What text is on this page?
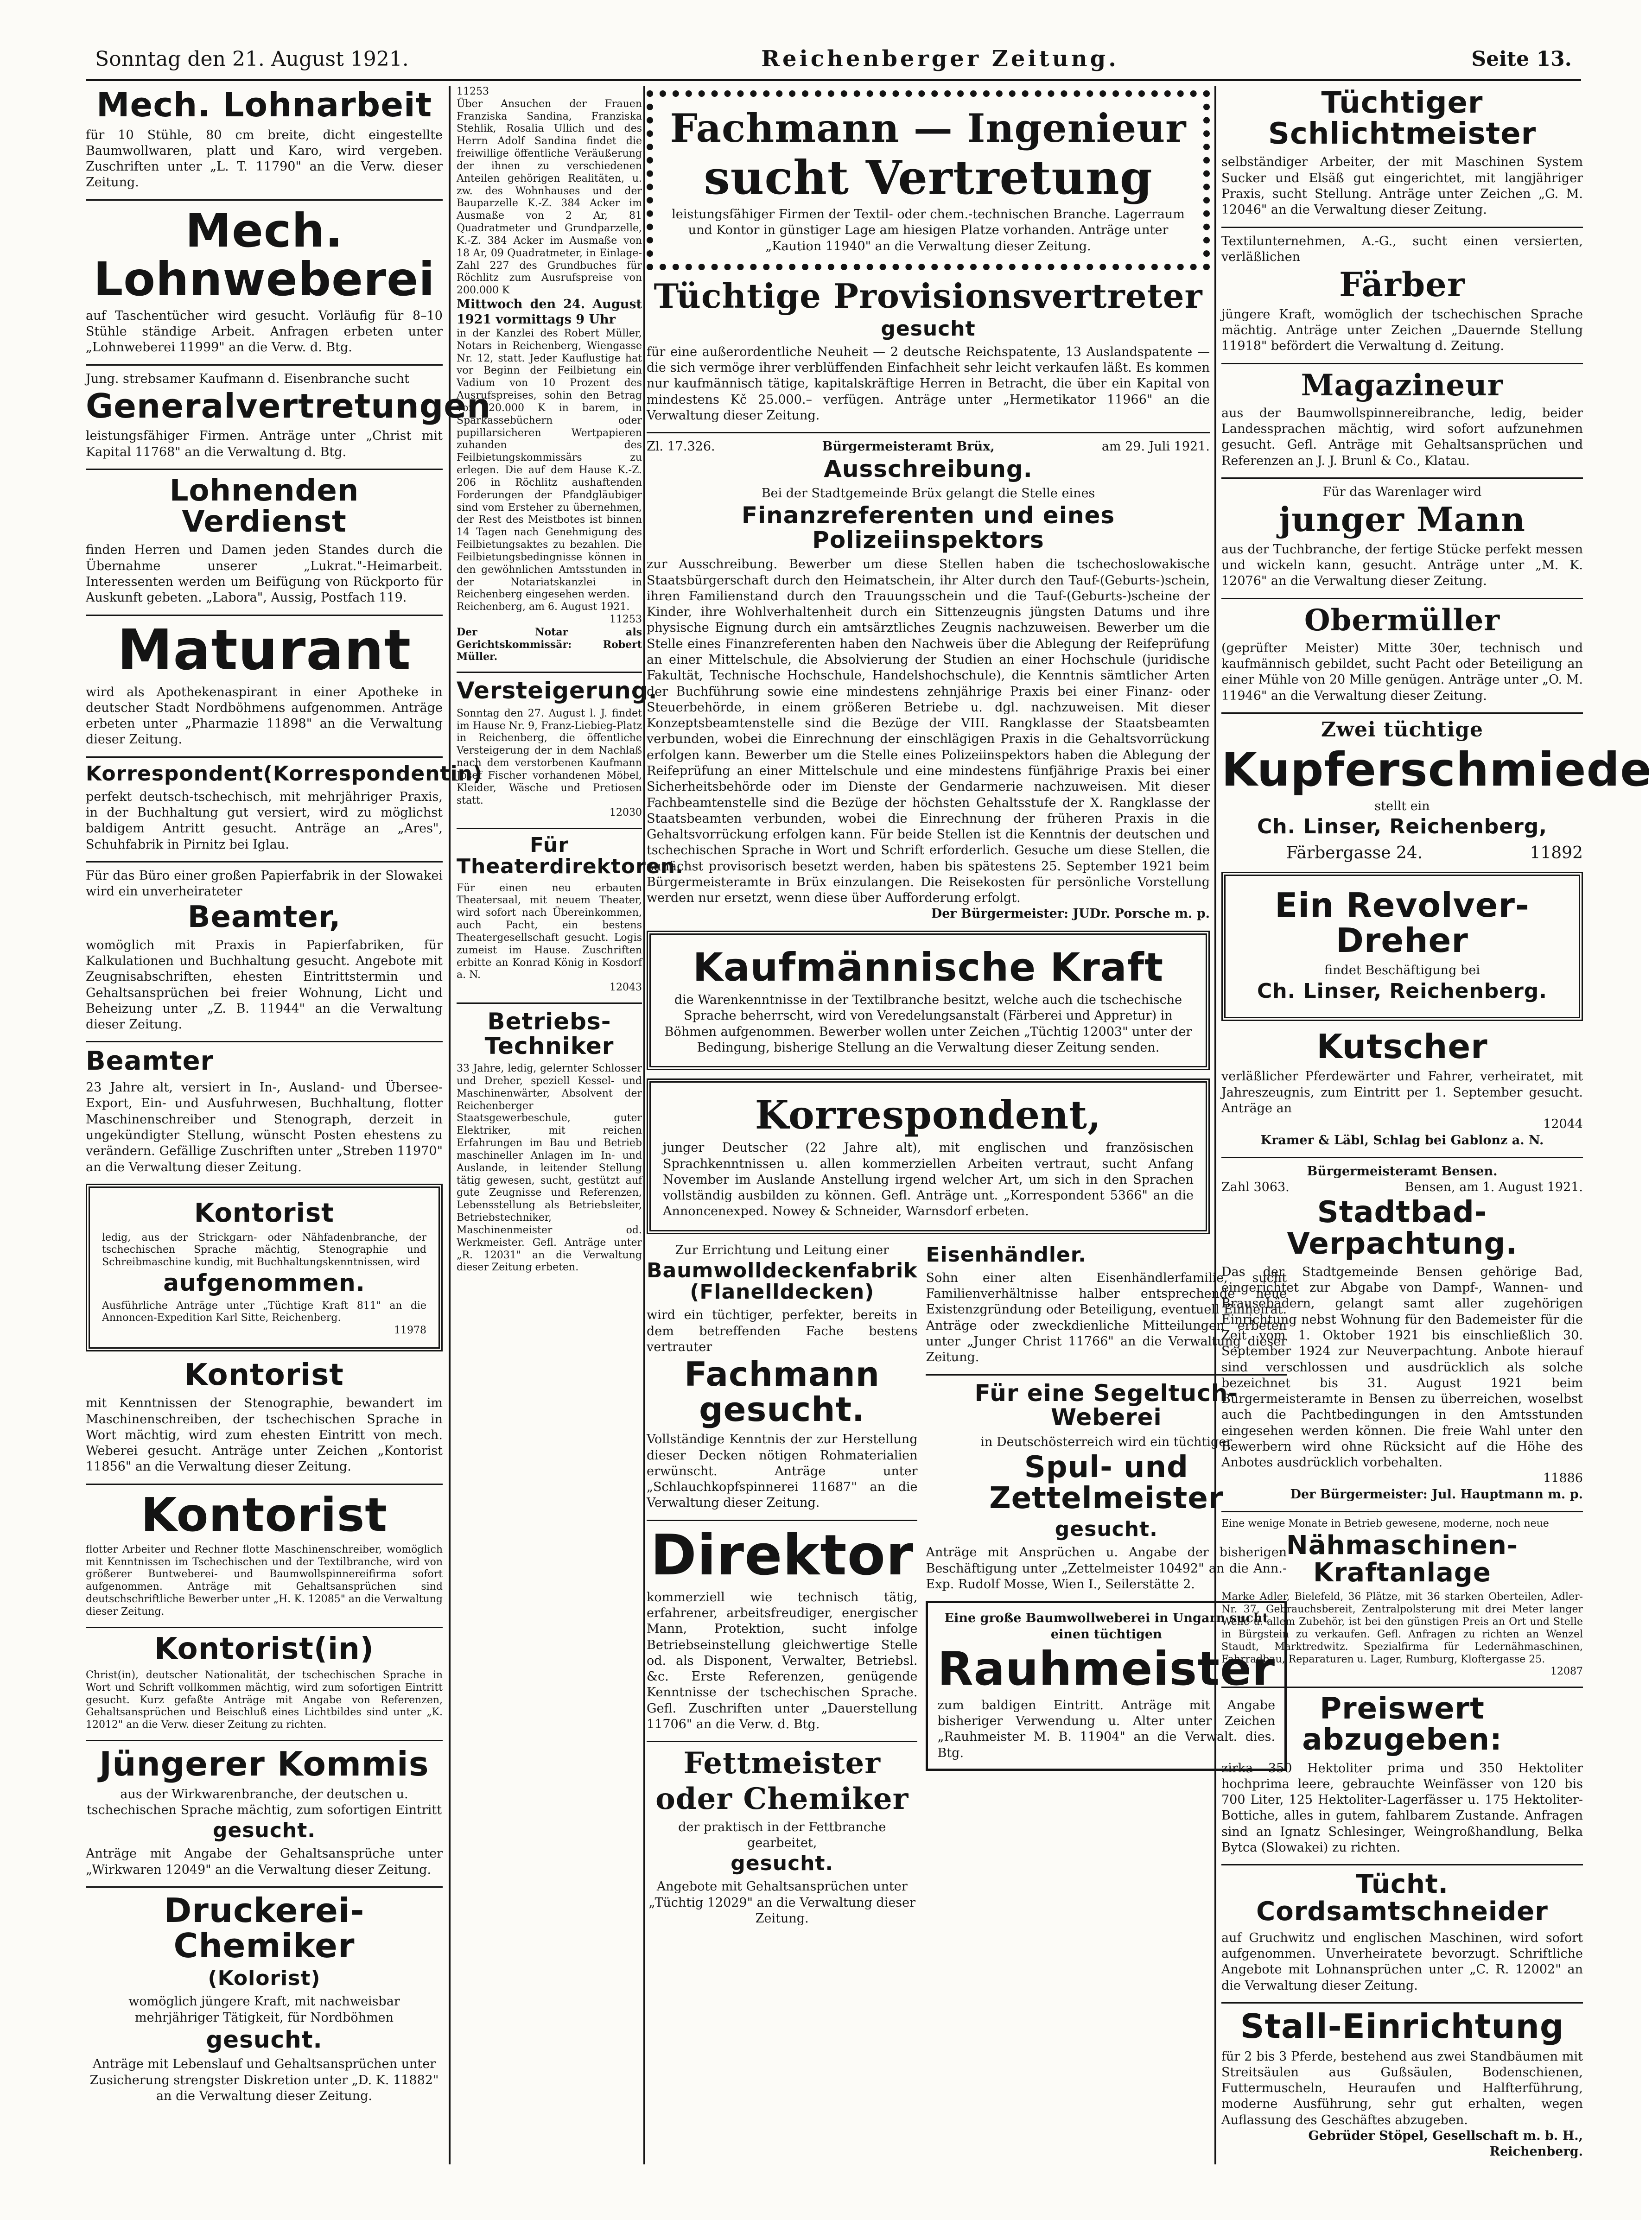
Sonntag den 21. August 1921.	Reichenberger Zeitung.	Seite 13.
Mech. Lohnarbeit
für 10 Stühle, 80 cm breite, dicht eingestellte Baumwollwaren, platt und Karo, wird vergeben. Zuschriften unter „L. T. 11790" an die Verw. dieser Zeitung.
Mech. Lohnweberei
auf Taschentücher wird gesucht. Vorläufig für 8–10 Stühle ständige Arbeit. Anfragen erbeten unter „Lohnweberei 11999" an die Verw. d. Btg.
Jung. strebsamer Kaufmann d. Eisenbranche sucht
Generalvertretungen
leistungsfähiger Firmen. Anträge unter „Christ mit Kapital 11768" an die Verwaltung d. Btg.
Lohnenden Verdienst
finden Herren und Damen jeden Standes durch die Übernahme unserer „Lukrat."-Heimarbeit. Interessenten werden um Beifügung von Rückporto für Auskunft gebeten. „Labora", Aussig, Postfach 119.
Maturant
wird als Apothekenaspirant in einer Apotheke in deutscher Stadt Nordböhmens aufgenommen. Anträge erbeten unter „Pharmazie 11898" an die Verwaltung dieser Zeitung.
Korrespondent(Korrespondentin)
perfekt deutsch-tschechisch, mit mehrjähriger Praxis, in der Buchhaltung gut versiert, wird zu möglichst baldigem Antritt gesucht. Anträge an „Ares", Schuhfabrik in Pirnitz bei Iglau.
Für das Büro einer großen Papierfabrik in der Slowakei wird ein unverheirateter
Beamter,
womöglich mit Praxis in Papierfabriken, für Kalkulationen und Buchhaltung gesucht. Angebote mit Zeugnisabschriften, ehesten Eintrittstermin und Gehaltsansprüchen bei freier Wohnung, Licht und Beheizung unter „Z. B. 11944" an die Verwaltung dieser Zeitung.
Beamter
23 Jahre alt, versiert in In-, Ausland- und Übersee-Export, Ein- und Ausfuhrwesen, Buchhaltung, flotter Maschinenschreiber und Stenograph, derzeit in ungekündigter Stellung, wünscht Posten ehestens zu verändern. Gefällige Zuschriften unter „Streben 11970" an die Verwaltung dieser Zeitung.
Kontorist
ledig, aus der Strickgarn- oder Nähfadenbranche, der tschechischen Sprache mächtig, Stenographie und Schreibmaschine kundig, mit Buchhaltungskenntnissen, wird
aufgenommen.
Ausführliche Anträge unter „Tüchtige Kraft 811" an die Annoncen-Expedition Karl Sitte, Reichenberg.
11978
Kontorist
mit Kenntnissen der Stenographie, bewandert im Maschinenschreiben, der tschechischen Sprache in Wort mächtig, wird zum ehesten Eintritt von mech. Weberei gesucht. Anträge unter Zeichen „Kontorist 11856" an die Verwaltung dieser Zeitung.
Kontorist
flotter Arbeiter und Rechner flotte Maschinenschreiber, womöglich mit Kenntnissen im Tschechischen und der Textilbranche, wird von größerer Buntweberei- und Baumwollspinnereifirma sofort aufgenommen. Anträge mit Gehaltsansprüchen sind deutschschriftliche Bewerber unter „H. K. 12085" an die Verwaltung dieser Zeitung.
Kontorist(in)
Christ(in), deutscher Nationalität, der tschechischen Sprache in Wort und Schrift vollkommen mächtig, wird zum sofortigen Eintritt gesucht. Kurz gefaßte Anträge mit Angabe von Referenzen, Gehaltsansprüchen und Beischluß eines Lichtbildes sind unter „K. 12012" an die Verw. dieser Zeitung zu richten.
Jüngerer Kommis
aus der Wirkwarenbranche, der deutschen u. tschechischen Sprache mächtig, zum sofortigen Eintritt
gesucht.
Anträge mit Angabe der Gehaltsansprüche unter „Wirkwaren 12049" an die Verwaltung dieser Zeitung.
Druckerei-Chemiker
(Kolorist)
womöglich jüngere Kraft, mit nachweisbar mehrjähriger Tätigkeit, für Nordböhmen
gesucht.
Anträge mit Lebenslauf und Gehaltsansprüchen unter Zusicherung strengster Diskretion unter „D. K. 11882" an die Verwaltung dieser Zeitung.
11253
Über Ansuchen der Frauen Franziska Sandina, Franziska Stehlik, Rosalia Ullich und des Herrn Adolf Sandina findet die freiwillige öffentliche Veräußerung der ihnen zu verschiedenen Anteilen gehörigen Realitäten, u. zw. des Wohnhauses und der Bauparzelle K.-Z. 384 Acker im Ausmaße von 2 Ar, 81 Quadratmeter und Grundparzelle, K.-Z. 384 Acker im Ausmaße von 18 Ar, 09 Quadratmeter, in Einlage-Zahl 227 des Grundbuches für Röchlitz zum Ausrufspreise von 200.000 K
Mittwoch den 24. August 1921 vormittags 9 Uhr
in der Kanzlei des Robert Müller, Notars in Reichenberg, Wiengasse Nr. 12, statt. Jeder Kauflustige hat vor Beginn der Feilbietung ein Vadium von 10 Prozent des Ausrufspreises, sohin den Betrag von 20.000 K in barem, in Sparkassebüchern oder pupillarsicheren Wertpapieren zuhanden des Feilbietungskommissärs zu erlegen. Die auf dem Hause K.-Z. 206 in Röchlitz aushaftenden Forderungen der Pfandgläubiger sind vom Ersteher zu übernehmen, der Rest des Meistbotes ist binnen 14 Tagen nach Genehmigung des Feilbietungsaktes zu bezahlen. Die Feilbietungsbedingnisse können in den gewöhnlichen Amtsstunden in der Notariatskanzlei in Reichenberg eingesehen werden.
Reichenberg, am 6. August 1921.
11253
Der Notar als Gerichtskommissär: Robert Müller.
Versteigerung.
Sonntag den 27. August l. J. findet im Hause Nr. 9, Franz-Liebieg-Platz in Reichenberg, die öffentliche Versteigerung der in dem Nachlaß nach dem verstorbenen Kaufmann Josef Fischer vorhandenen Möbel, Kleider, Wäsche und Pretiosen statt.
12030
Für Theaterdirektoren.
Für einen neu erbauten Theatersaal, mit neuem Theater, wird sofort nach Übereinkommen, auch Pacht, ein bestens Theatergesellschaft gesucht. Logis zumeist im Hause. Zuschriften erbitte an Konrad König in Kosdorf a. N.
12043
Betriebs-Techniker
33 Jahre, ledig, gelernter Schlosser und Dreher, speziell Kessel- und Maschinenwärter, Absolvent der Reichenberger Staatsgewerbeschule, guter Elektriker, mit reichen Erfahrungen im Bau und Betrieb maschineller Anlagen im In- und Auslande, in leitender Stellung tätig gewesen, sucht, gestützt auf gute Zeugnisse und Referenzen, Lebensstellung als Betriebsleiter, Betriebstechniker, Maschinenmeister od. Werkmeister. Gefl. Anträge unter „R. 12031" an die Verwaltung dieser Zeitung erbeten.
Fachmann — Ingenieur
sucht Vertretung
leistungsfähiger Firmen der Textil- oder chem.-technischen Branche. Lagerraum und Kontor in günstiger Lage am hiesigen Platze vorhanden. Anträge unter „Kaution 11940" an die Verwaltung dieser Zeitung.
Tüchtige Provisionsvertreter
gesucht
für eine außerordentliche Neuheit — 2 deutsche Reichspatente, 13 Auslandspatente — die sich vermöge ihrer verblüffenden Einfachheit sehr leicht verkaufen läßt. Es kommen nur kaufmännisch tätige, kapitalskräftige Herren in Betracht, die über ein Kapital von mindestens Kč 25.000.– verfügen. Anträge unter „Hermetikator 11966" an die Verwaltung dieser Zeitung.
Zl. 17.326.	Bürgermeisteramt Brüx,	am 29. Juli 1921.
Ausschreibung.
Bei der Stadtgemeinde Brüx gelangt die Stelle eines
Finanzreferenten und eines Polizeiinspektors
zur Ausschreibung. Bewerber um diese Stellen haben die tschechoslowakische Staatsbürgerschaft durch den Heimatschein, ihr Alter durch den Tauf-(Geburts-)schein, ihren Familienstand durch den Trauungsschein und die Tauf-(Geburts-)scheine der Kinder, ihre Wohlverhaltenheit durch ein Sittenzeugnis jüngsten Datums und ihre physische Eignung durch ein amtsärztliches Zeugnis nachzuweisen. Bewerber um die Stelle eines Finanzreferenten haben den Nachweis über die Ablegung der Reifeprüfung an einer Mittelschule, die Absolvierung der Studien an einer Hochschule (juridische Fakultät, Technische Hochschule, Handelshochschule), die Kenntnis sämtlicher Arten der Buchführung sowie eine mindestens zehnjährige Praxis bei einer Finanz- oder Steuerbehörde, in einem größeren Betriebe u. dgl. nachzuweisen. Mit dieser Konzeptsbeamtenstelle sind die Bezüge der VIII. Rangklasse der Staatsbeamten verbunden, wobei die Einrechnung der einschlägigen Praxis in die Gehaltsvorrückung erfolgen kann. Bewerber um die Stelle eines Polizeiinspektors haben die Ablegung der Reifeprüfung an einer Mittelschule und eine mindestens fünfjährige Praxis bei einer Sicherheitsbehörde oder im Dienste der Gendarmerie nachzuweisen. Mit dieser Fachbeamtenstelle sind die Bezüge der höchsten Gehaltsstufe der X. Rangklasse der Staatsbeamten verbunden, wobei die Einrechnung der früheren Praxis in die Gehaltsvorrückung erfolgen kann. Für beide Stellen ist die Kenntnis der deutschen und tschechischen Sprache in Wort und Schrift erforderlich. Gesuche um diese Stellen, die zunächst provisorisch besetzt werden, haben bis spätestens 25. September 1921 beim Bürgermeisteramte in Brüx einzulangen. Die Reisekosten für persönliche Vorstellung werden nur ersetzt, wenn diese über Aufforderung erfolgt.
Der Bürgermeister: JUDr. Porsche m. p.
Kaufmännische Kraft
die Warenkenntnisse in der Textilbranche besitzt, welche auch die tschechische Sprache beherrscht, wird von Veredelungsanstalt (Färberei und Appretur) in Böhmen aufgenommen. Bewerber wollen unter Zeichen „Tüchtig 12003" unter der Bedingung, bisherige Stellung an die Verwaltung dieser Zeitung senden.
Korrespondent,
junger Deutscher (22 Jahre alt), mit englischen und französischen Sprachkenntnissen u. allen kommerziellen Arbeiten vertraut, sucht Anfang November im Auslande Anstellung irgend welcher Art, um sich in den Sprachen vollständig ausbilden zu können. Gefl. Anträge unt. „Korrespondent 5366" an die Annoncenexped. Nowey & Schneider, Warnsdorf erbeten.
Zur Errichtung und Leitung einer
Baumwolldeckenfabrik (Flanelldecken)
wird ein tüchtiger, perfekter, bereits in dem betreffenden Fache bestens vertrauter
Fachmann gesucht.
Vollständige Kenntnis der zur Herstellung dieser Decken nötigen Rohmaterialien erwünscht. Anträge unter „Schlauchkopfspinnerei 11687" an die Verwaltung dieser Zeitung.
Direktor
kommerziell wie technisch tätig, erfahrener, arbeitsfreudiger, energischer Mann, Protektion, sucht infolge Betriebseinstellung gleichwertige Stelle od. als Disponent, Verwalter, Betriebsl. &c. Erste Referenzen, genügende Kenntnisse der tschechischen Sprache. Gefl. Zuschriften unter „Dauerstellung 11706" an die Verw. d. Btg.
Fettmeister
oder Chemiker
der praktisch in der Fettbranche gearbeitet,
gesucht.
Angebote mit Gehaltsansprüchen unter „Tüchtig 12029" an die Verwaltung dieser Zeitung.
Eisenhändler.
Sohn einer alten Eisenhändlerfamilie, sucht Familienverhältnisse halber entsprechende neue Existenzgründung oder Beteiligung, eventuell Einheirat. Anträge oder zweckdienliche Mitteilungen erbeten unter „Junger Christ 11766" an die Verwaltung dieser Zeitung.
Für eine Segeltuch-Weberei
in Deutschösterreich wird ein tüchtiger
Spul- und Zettelmeister
gesucht.
Anträge mit Ansprüchen u. Angabe der bisherigen Beschäftigung unter „Zettelmeister 10492" an die Ann.-Exp. Rudolf Mosse, Wien I., Seilerstätte 2.
Eine große Baumwollweberei in Ungarn sucht einen tüchtigen
Rauhmeister
zum baldigen Eintritt. Anträge mit Angabe bisheriger Verwendung u. Alter unter Zeichen „Rauhmeister M. B. 11904" an die Verwalt. dies. Btg.
Tüchtiger Schlichtmeister
selbständiger Arbeiter, der mit Maschinen System Sucker und Elsäß gut eingerichtet, mit langjähriger Praxis, sucht Stellung. Anträge unter Zeichen „G. M. 12046" an die Verwaltung dieser Zeitung.
Textilunternehmen, A.-G., sucht einen versierten, verläßlichen
Färber
jüngere Kraft, womöglich der tschechischen Sprache mächtig. Anträge unter Zeichen „Dauernde Stellung 11918" befördert die Verwaltung d. Zeitung.
Magazineur
aus der Baumwollspinnereibranche, ledig, beider Landessprachen mächtig, wird sofort aufzunehmen gesucht. Gefl. Anträge mit Gehaltsansprüchen und Referenzen an J. J. Brunl & Co., Klatau.
Für das Warenlager wird
junger Mann
aus der Tuchbranche, der fertige Stücke perfekt messen und wickeln kann, gesucht. Anträge unter „M. K. 12076" an die Verwaltung dieser Zeitung.
Obermüller
(geprüfter Meister) Mitte 30er, technisch und kaufmännisch gebildet, sucht Pacht oder Beteiligung an einer Mühle von 20 Mille genügen. Anträge unter „O. M. 11946" an die Verwaltung dieser Zeitung.
Zwei tüchtige
Kupferschmiede
stellt ein
Ch. Linser, Reichenberg,
Färbergasse 24.	11892
Ein Revolver-Dreher
findet Beschäftigung bei
Ch. Linser, Reichenberg.
Kutscher
verläßlicher Pferdewärter und Fahrer, verheiratet, mit Jahreszeugnis, zum Eintritt per 1. September gesucht. Anträge an
12044
Kramer & Läbl, Schlag bei Gablonz a. N.
Bürgermeisteramt Bensen.
Zahl 3063.	Bensen, am 1. August 1921.
Stadtbad-Verpachtung.
Das der Stadtgemeinde Bensen gehörige Bad, eingerichtet zur Abgabe von Dampf-, Wannen- und Brausebädern, gelangt samt aller zugehörigen Einrichtung nebst Wohnung für den Bademeister für die Zeit vom 1. Oktober 1921 bis einschließlich 30. September 1924 zur Neuverpachtung. Anbote hierauf sind verschlossen und ausdrücklich als solche bezeichnet bis 31. August 1921 beim Bürgermeisteramte in Bensen zu überreichen, woselbst auch die Pachtbedingungen in den Amtsstunden eingesehen werden können. Die freie Wahl unter den Bewerbern wird ohne Rücksicht auf die Höhe des Anbotes ausdrücklich vorbehalten.
11886
Der Bürgermeister: Jul. Hauptmann m. p.
Eine wenige Monate in Betrieb gewesene, moderne, noch neue
Nähmaschinen-Kraftanlage
Marke Adler, Bielefeld, 36 Plätze, mit 36 starken Oberteilen, Adler-Nr. 37, Gebrauchsbereit, Zentralpolsterung mit drei Meter langer Welle u. allem Zubehör, ist bei den günstigen Preis an Ort und Stelle in Bürgstein zu verkaufen. Gefl. Anfragen zu richten an Wenzel Staudt, Marktredwitz. Spezialfirma für Ledernähmaschinen, Fahrradbau, Reparaturen u. Lager, Rumburg, Kloftergasse 25.
12087
Preiswert abzugeben:
zirka 350 Hektoliter prima und 350 Hektoliter hochprima leere, gebrauchte Weinfässer von 120 bis 700 Liter, 125 Hektoliter-Lagerfässer u. 175 Hektoliter-Bottiche, alles in gutem, fahlbarem Zustande. Anfragen sind an Ignatz Schlesinger, Weingroßhandlung, Belka Bytca (Slowakei) zu richten.
Tücht. Cordsamtschneider
auf Gruchwitz und englischen Maschinen, wird sofort aufgenommen. Unverheiratete bevorzugt. Schriftliche Angebote mit Lohnansprüchen unter „C. R. 12002" an die Verwaltung dieser Zeitung.
Stall-Einrichtung
für 2 bis 3 Pferde, bestehend aus zwei Standbäumen mit Streitsäulen aus Gußsäulen, Bodenschienen, Futtermuscheln, Heuraufen und Halfterführung, moderne Ausführung, sehr gut erhalten, wegen Auflassung des Geschäftes abzugeben.
Gebrüder Stöpel, Gesellschaft m. b. H., Reichenberg.
